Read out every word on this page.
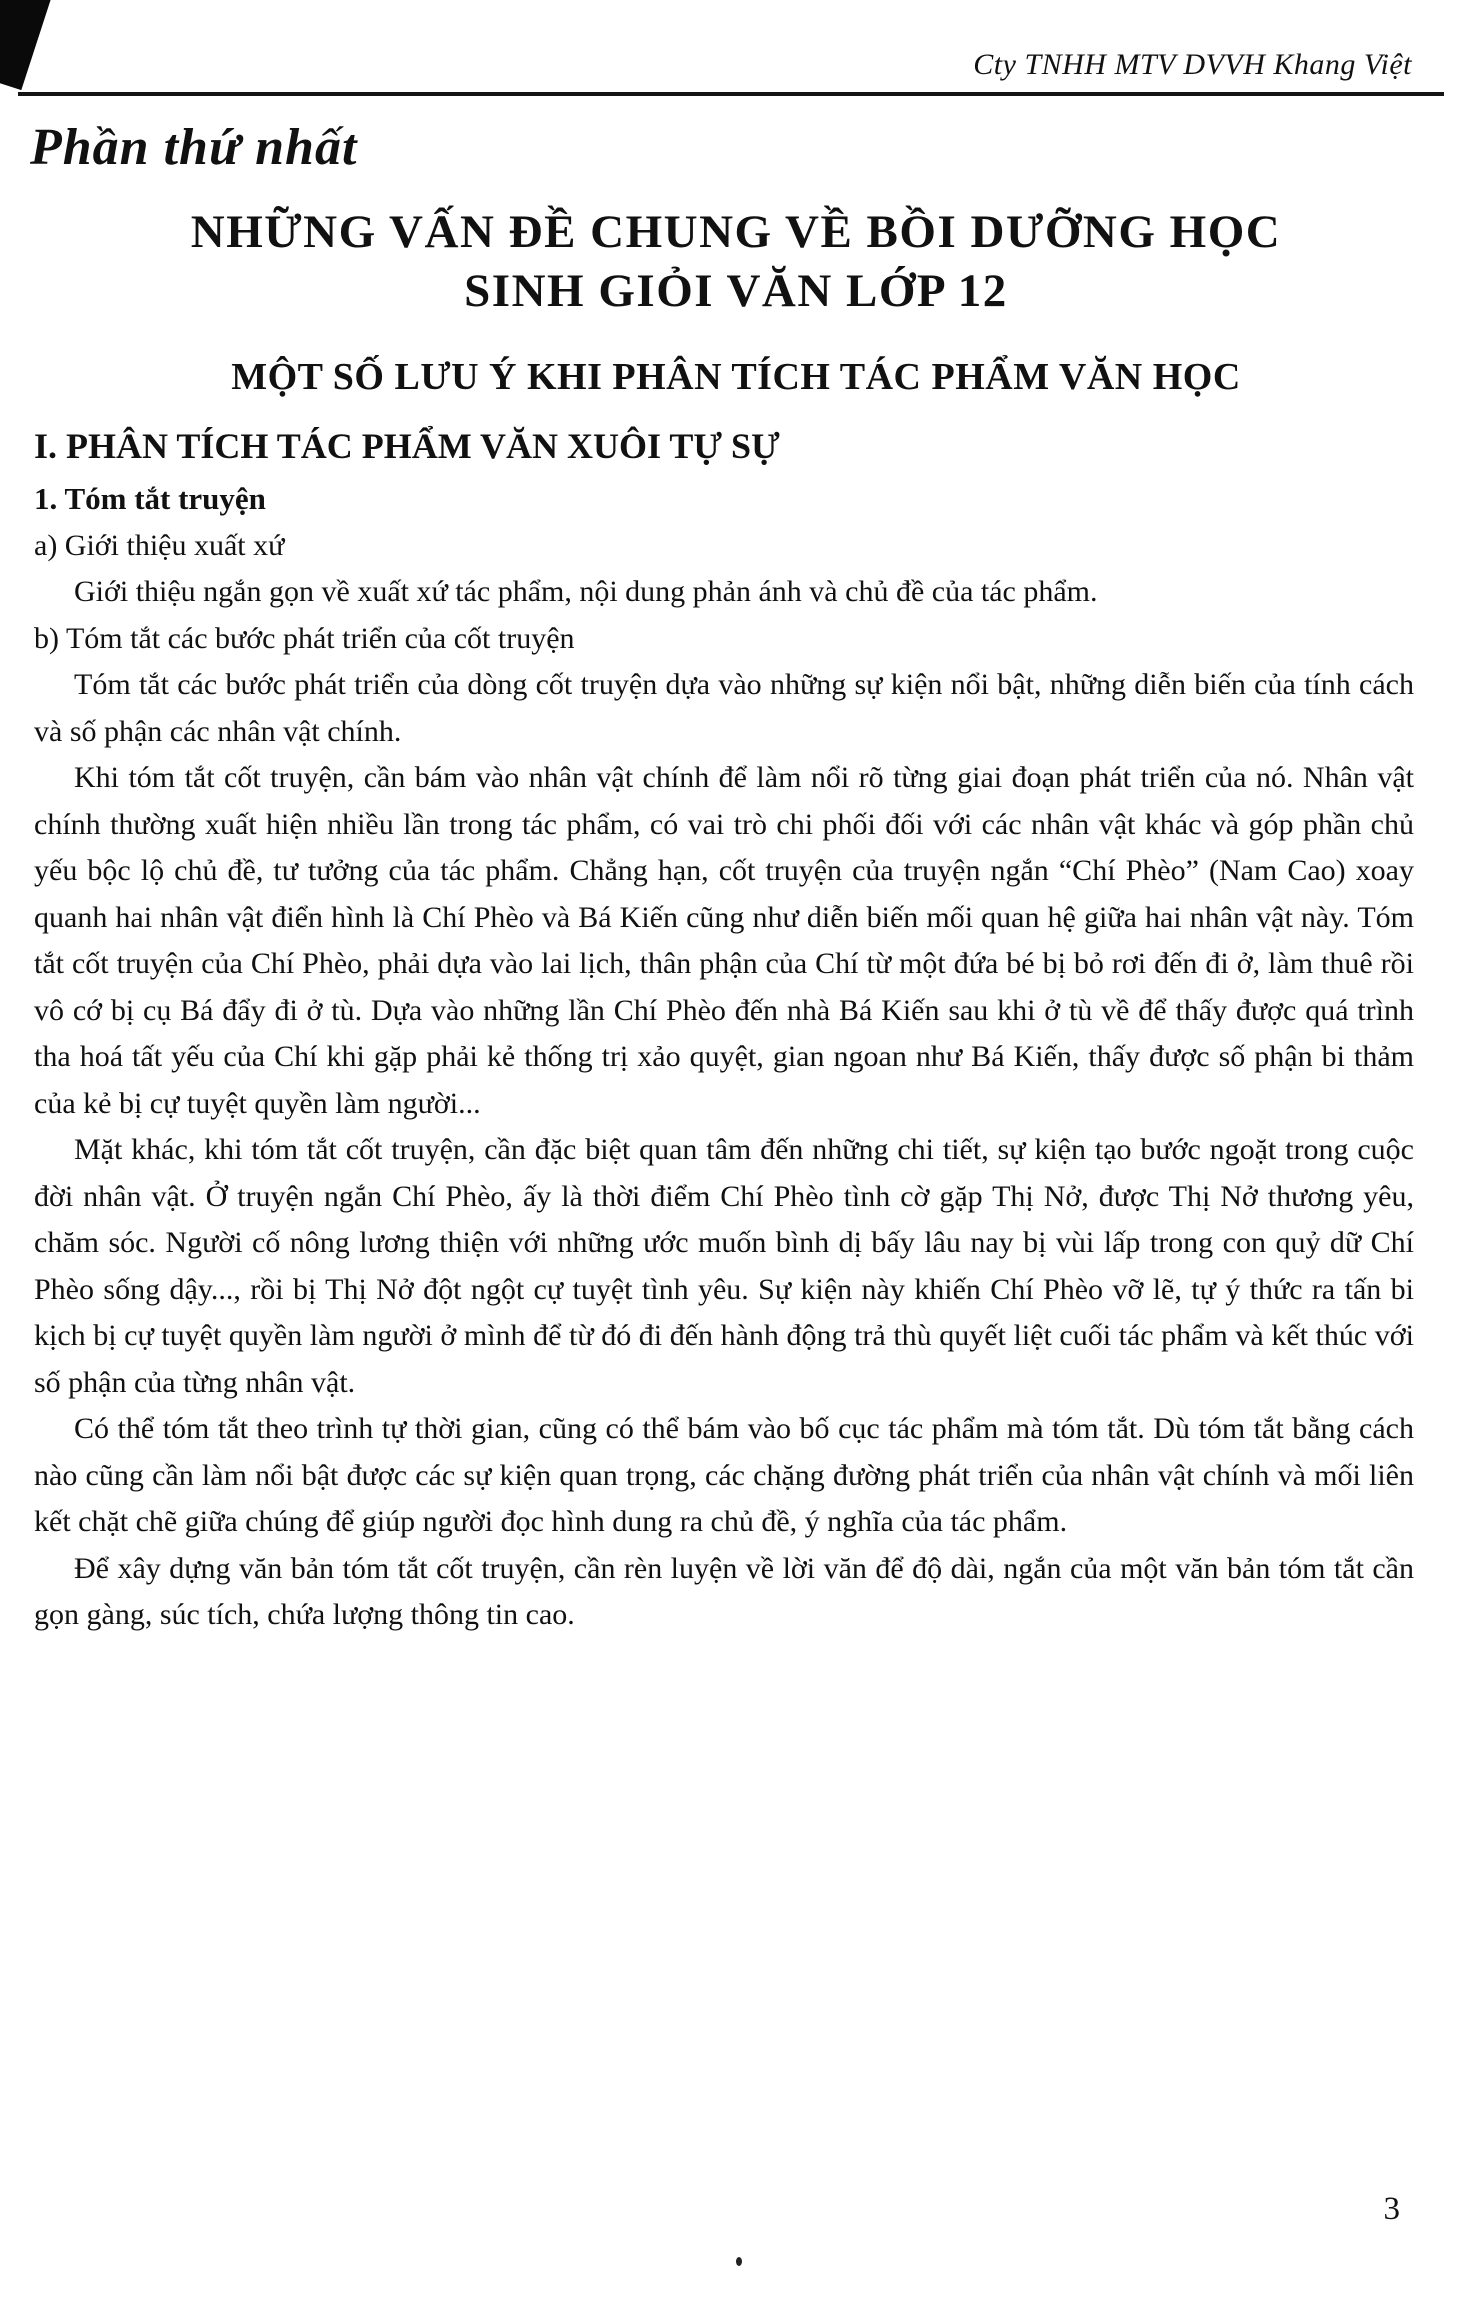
Cty TNHH MTV DVVH Khang Việt
Phần thứ nhất
NHỮNG VẤN ĐỀ CHUNG VỀ BỒI DƯỠNG HỌC
SINH GIỎI VĂN LỚP 12
MỘT SỐ LƯU Ý KHI PHÂN TÍCH TÁC PHẨM VĂN HỌC
I. PHÂN TÍCH TÁC PHẨM VĂN XUÔI TỰ SỰ
1. Tóm tắt truyện

a) Giới thiệu xuất xứ

Giới thiệu ngắn gọn về xuất xứ tác phẩm, nội dung phản ánh và chủ đề của tác phẩm.

b) Tóm tắt các bước phát triển của cốt truyện

Tóm tắt các bước phát triển của dòng cốt truyện dựa vào những sự kiện nổi bật, những diễn biến của tính cách và số phận các nhân vật chính.

Khi tóm tắt cốt truyện, cần bám vào nhân vật chính để làm nổi rõ từng giai đoạn phát triển của nó. Nhân vật chính thường xuất hiện nhiều lần trong tác phẩm, có vai trò chi phối đối với các nhân vật khác và góp phần chủ yếu bộc lộ chủ đề, tư tưởng của tác phẩm. Chẳng hạn, cốt truyện của truyện ngắn “Chí Phèo” (Nam Cao) xoay quanh hai nhân vật điển hình là Chí Phèo và Bá Kiến cũng như diễn biến mối quan hệ giữa hai nhân vật này. Tóm tắt cốt truyện của Chí Phèo, phải dựa vào lai lịch, thân phận của Chí từ một đứa bé bị bỏ rơi đến đi ở, làm thuê rồi vô cớ bị cụ Bá đẩy đi ở tù. Dựa vào những lần Chí Phèo đến nhà Bá Kiến sau khi ở tù về để thấy được quá trình tha hoá tất yếu của Chí khi gặp phải kẻ thống trị xảo quyệt, gian ngoan như Bá Kiến, thấy được số phận bi thảm của kẻ bị cự tuyệt quyền làm người...

Mặt khác, khi tóm tắt cốt truyện, cần đặc biệt quan tâm đến những chi tiết, sự kiện tạo bước ngoặt trong cuộc đời nhân vật. Ở truyện ngắn Chí Phèo, ấy là thời điểm Chí Phèo tình cờ gặp Thị Nở, được Thị Nở thương yêu, chăm sóc. Người cố nông lương thiện với những ước muốn bình dị bấy lâu nay bị vùi lấp trong con quỷ dữ Chí Phèo sống dậy..., rồi bị Thị Nở đột ngột cự tuyệt tình yêu. Sự kiện này khiến Chí Phèo vỡ lẽ, tự ý thức ra tấn bi kịch bị cự tuyệt quyền làm người ở mình để từ đó đi đến hành động trả thù quyết liệt cuối tác phẩm và kết thúc với số phận của từng nhân vật.

Có thể tóm tắt theo trình tự thời gian, cũng có thể bám vào bố cục tác phẩm mà tóm tắt. Dù tóm tắt bằng cách nào cũng cần làm nổi bật được các sự kiện quan trọng, các chặng đường phát triển của nhân vật chính và mối liên kết chặt chẽ giữa chúng để giúp người đọc hình dung ra chủ đề, ý nghĩa của tác phẩm.

Để xây dựng văn bản tóm tắt cốt truyện, cần rèn luyện về lời văn để độ dài, ngắn của một văn bản tóm tắt cần gọn gàng, súc tích, chứa lượng thông tin cao.

3
